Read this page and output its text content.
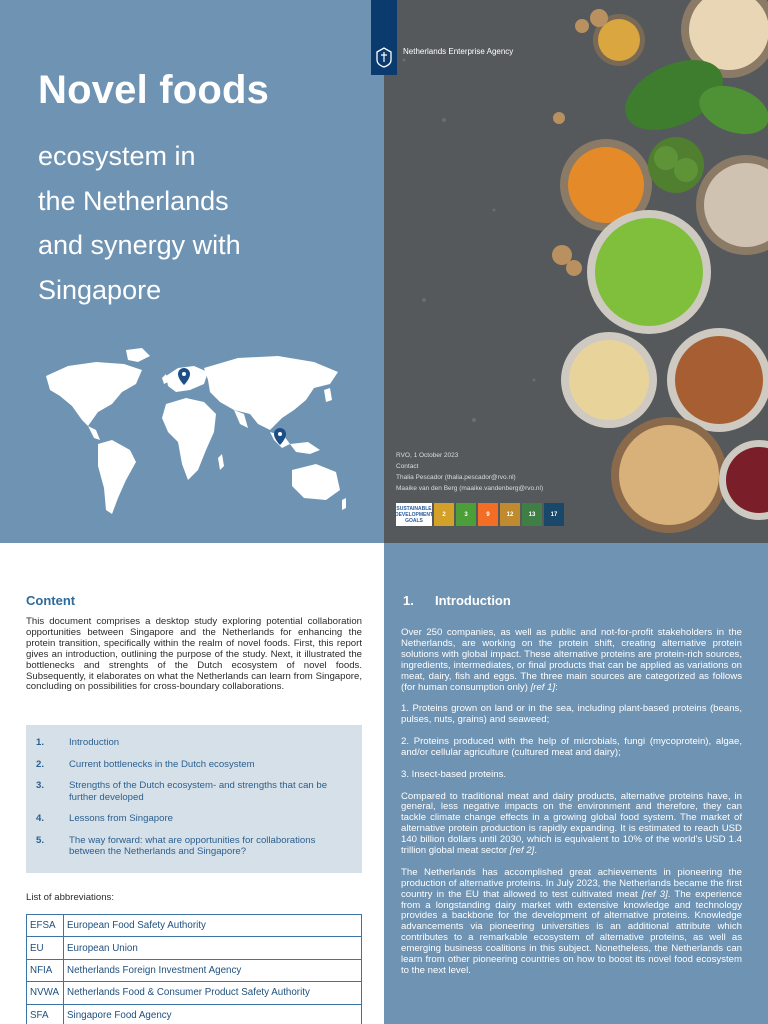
Novel foods
ecosystem in
the Netherlands
and synergy with
Singapore
Netherlands Enterprise Agency
RVO, 1 October 2023
Contact
Thalia Pescador (thalia.pescador@rvo.nl)
Maaike van den Berg (maaike.vandenberg@rvo.nl)
SUSTAINABLE DEVELOPMENT GOALS
2	3	9	12	13	17
Content
This document comprises a desktop study exploring potential collaboration opportunities between Singapore and the Netherlands for enhancing the protein transition, specifically within the realm of novel foods. First, this report gives an introduction, outlining the purpose of the study. Next, it illustrated the bottlenecks and strenghts of the Dutch ecosystem of novel foods. Subsequently, it elaborates on what the Netherlands can learn from Singapore, concluding on possibilities for cross-boundary collaborations.
1.	Introduction
2.	Current bottlenecks in the Dutch ecosystem
3.	Strengths of the Dutch ecosystem- and strengths that can be further developed
4.	Lessons from Singapore
5.	The way forward: what are opportunities for collaborations between the Netherlands and Singapore?
List of abbreviations:
EFSA	European Food Safety Authority
EU	European Union
NFIA	Netherlands Foreign Investment Agency
NVWA	Netherlands Food & Consumer Product Safety Authority
SFA	Singapore Food Agency
1. Introduction

Over 250 companies, as well as public and not-for-profit stakeholders in the Netherlands, are working on the protein shift, creating alternative protein solutions with global impact. These alternative proteins are protein-rich sources, ingredients, intermediates, or final products that can be applied as variations on meat, dairy, fish and eggs. The three main sources are categorized as follows (for human consumption only) [ref 1]:

1. Proteins grown on land or in the sea, including plant-based proteins (beans, pulses, nuts, grains) and seaweed;

2. Proteins produced with the help of microbials, fungi (mycoprotein), algae, and/or cellular agriculture (cultured meat and dairy);

3. Insect-based proteins.

Compared to traditional meat and dairy products, alternative proteins have, in general, less negative impacts on the environment and therefore, they can tackle climate change effects in a growing global food system. The market of alternative protein production is rapidly expanding. It is estimated to reach USD 140 billion dollars until 2030, which is equivalent to 10% of the world's USD 1.4 trillion global meat sector [ref 2].

The Netherlands has accomplished great achievements in pioneering the production of alternative proteins. In July 2023, the Netherlands became the first country in the EU that allowed to test cultivated meat [ref 3]. The experience from a longstanding dairy market with extensive knowledge and technology provides a backbone for the development of alternative proteins. Knowledge advancements via pioneering universities is an additional attribute which contributes to a remarkable ecosystem of alternative proteins, as well as emerging business coalitions in this subject. Nonetheless, the Netherlands can learn from other pioneering countries on how to boost its novel food ecosystem to the next level.
